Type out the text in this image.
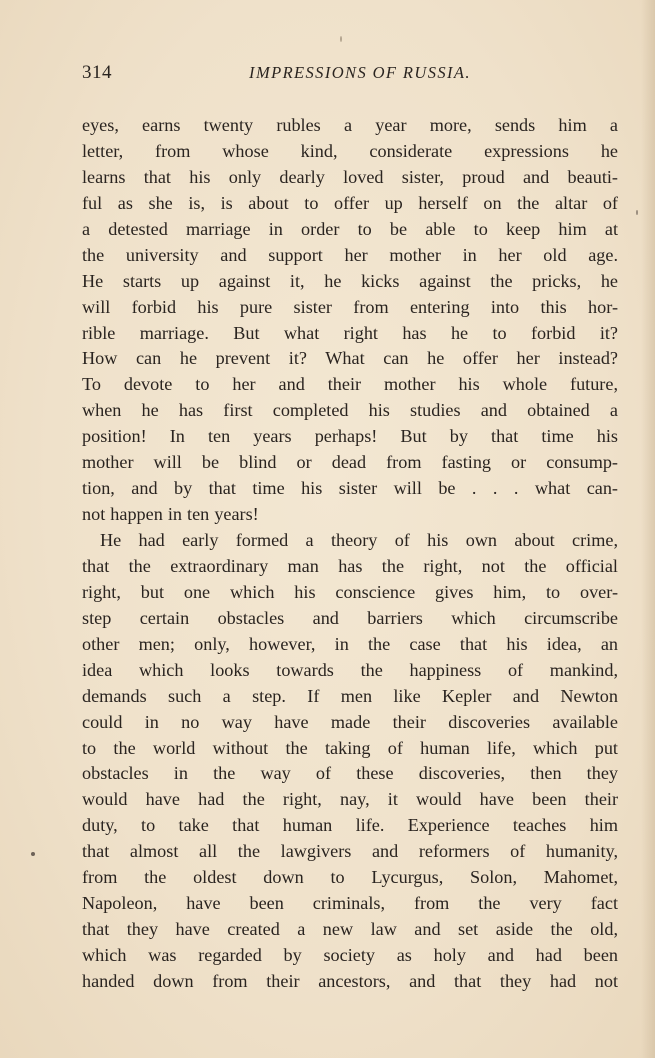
314	IMPRESSIONS OF RUSSIA.
eyes, earns twenty rubles a year more, sends him a
letter, from whose kind, considerate expressions he
learns that his only dearly loved sister, proud and beauti-
ful as she is, is about to offer up herself on the altar of
a detested marriage in order to be able to keep him at
the university and support her mother in her old age.
He starts up against it, he kicks against the pricks, he
will forbid his pure sister from entering into this hor-
rible marriage. But what right has he to forbid it?
How can he prevent it? What can he offer her instead?
To devote to her and their mother his whole future,
when he has first completed his studies and obtained a
position! In ten years perhaps! But by that time his
mother will be blind or dead from fasting or consump-
tion, and by that time his sister will be . . . what can-
not happen in ten years!
He had early formed a theory of his own about crime,
that the extraordinary man has the right, not the official
right, but one which his conscience gives him, to over-
step certain obstacles and barriers which circumscribe
other men; only, however, in the case that his idea, an
idea which looks towards the happiness of mankind,
demands such a step. If men like Kepler and Newton
could in no way have made their discoveries available
to the world without the taking of human life, which put
obstacles in the way of these discoveries, then they
would have had the right, nay, it would have been their
duty, to take that human life. Experience teaches him
that almost all the lawgivers and reformers of humanity,
from the oldest down to Lycurgus, Solon, Mahomet,
Napoleon, have been criminals, from the very fact
that they have created a new law and set aside the old,
which was regarded by society as holy and had been
handed down from their ancestors, and that they had not
